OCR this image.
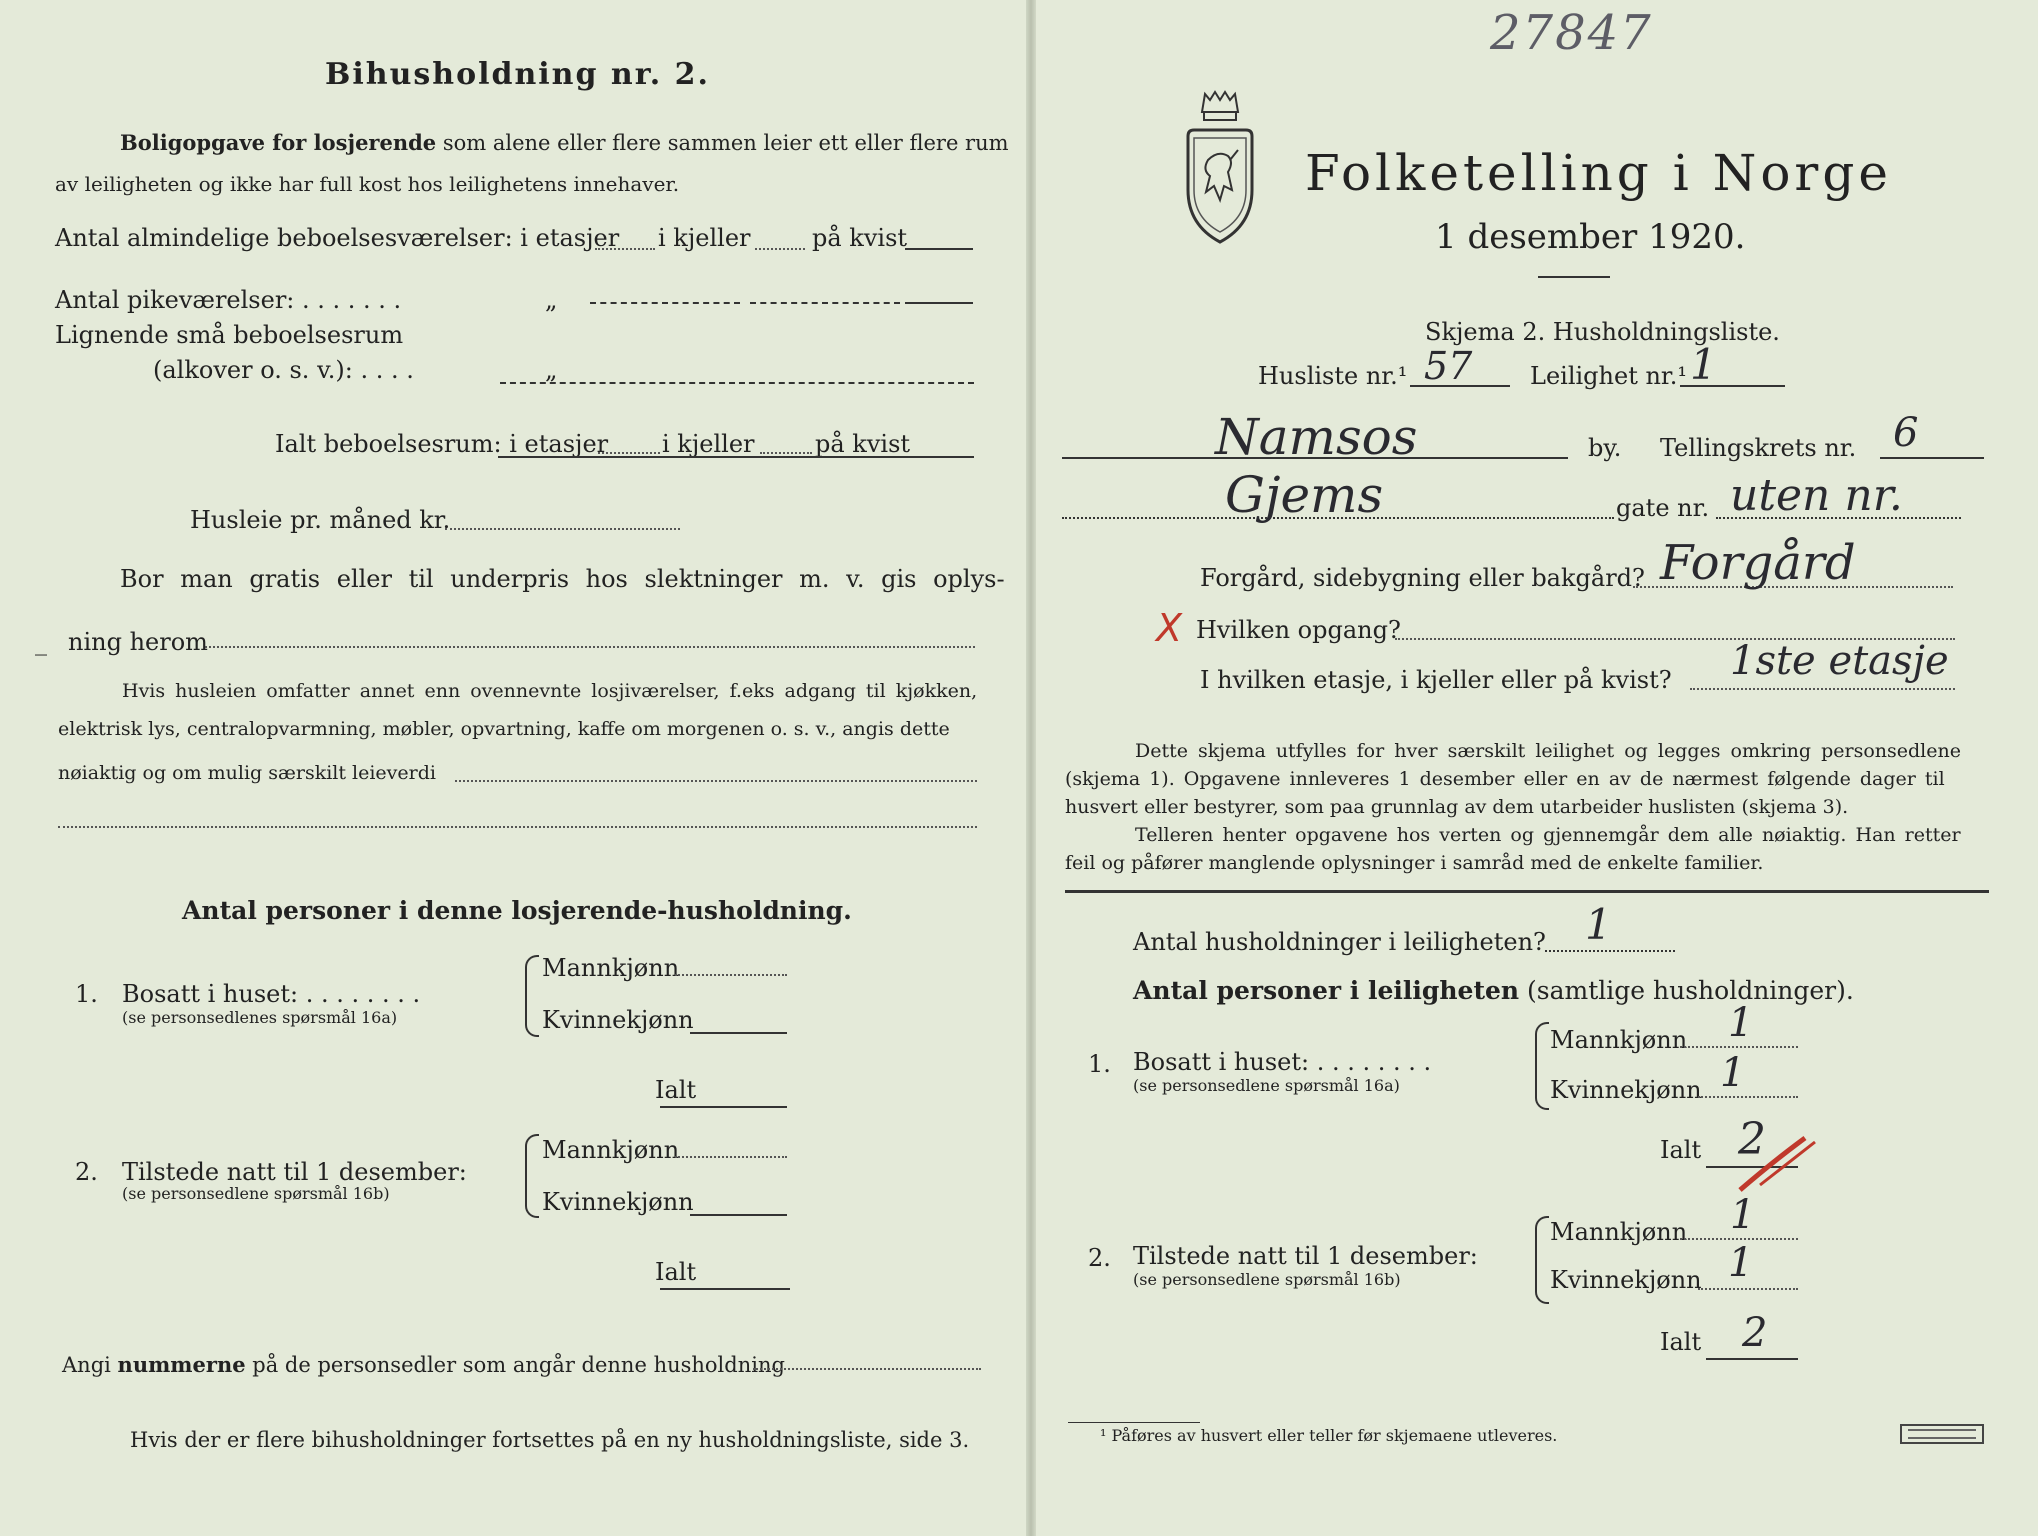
Bihusholdning nr. 2.
Boligopgave for losjerende som alene eller flere sammen leier ett eller flere rum
av leiligheten og ikke har full kost hos leilighetens innehaver.
Antal almindelige beboelsesværelser: i etasjer i kjeller	på kvist
Antal pikeværelser: . . . . . . .	„
Lignende små beboelsesrum
(alkover o. s. v.): . . . .	„
Ialt beboelsesrum: i etasjer i kjeller	på kvist
Husleie pr. måned kr.
Bor man gratis eller til underpris hos slektninger m. v. gis oplys-
_ ning herom
Hvis husleien omfatter annet enn ovennevnte losjiværelser, f.eks adgang til kjøkken,
elektrisk lys, centralopvarmning, møbler, opvartning, kaffe om morgenen o. s. v., angis dette
nøiaktig og om mulig særskilt leieverdi
Antal personer i denne losjerende-husholdning.
1. Bosatt i huset: . . . . . . . .
(se personsedlenes spørsmål 16a)
Mannkjønn
Kvinnekjønn
Ialt
2. Tilstede natt til 1 desember:
(se personsedlene spørsmål 16b)
Mannkjønn
Kvinnekjønn
Ialt
Angi nummerne på de personsedler som angår denne husholdning
Hvis der er flere bihusholdninger fortsettes på en ny husholdningsliste, side 3.
27847
Folketelling i Norge
1 desember 1920.
Skjema 2. Husholdningsliste.
Husliste nr.¹ 57 Leilighet nr.¹ 1
Namsos	by. Tellingskrets nr. 6
Gjems	gate nr. uten nr.
Forgård, sidebygning eller bakgård? Forgård
X Hvilken opgang?
I hvilken etasje, i kjeller eller på kvist? 1ste etasje
Dette skjema utfylles for hver særskilt leilighet og legges omkring personsedlene
(skjema 1). Opgavene innleveres 1 desember eller en av de nærmest følgende dager til
husvert eller bestyrer, som paa grunnlag av dem utarbeider huslisten (skjema 3).
Telleren henter opgavene hos verten og gjennemgår dem alle nøiaktig. Han retter
feil og påfører manglende oplysninger i samråd med de enkelte familier.
Antal husholdninger i leiligheten? 1
Antal personer i leiligheten (samtlige husholdninger).
1. Bosatt i huset: . . . . . . . .
(se personsedlene spørsmål 16a)
Mannkjønn 1
Kvinnekjønn 1
Ialt 2
2. Tilstede natt til 1 desember:
(se personsedlene spørsmål 16b)
Mannkjønn 1
Kvinnekjønn 1
Ialt 2
¹ Påføres av husvert eller teller før skjemaene utleveres.
